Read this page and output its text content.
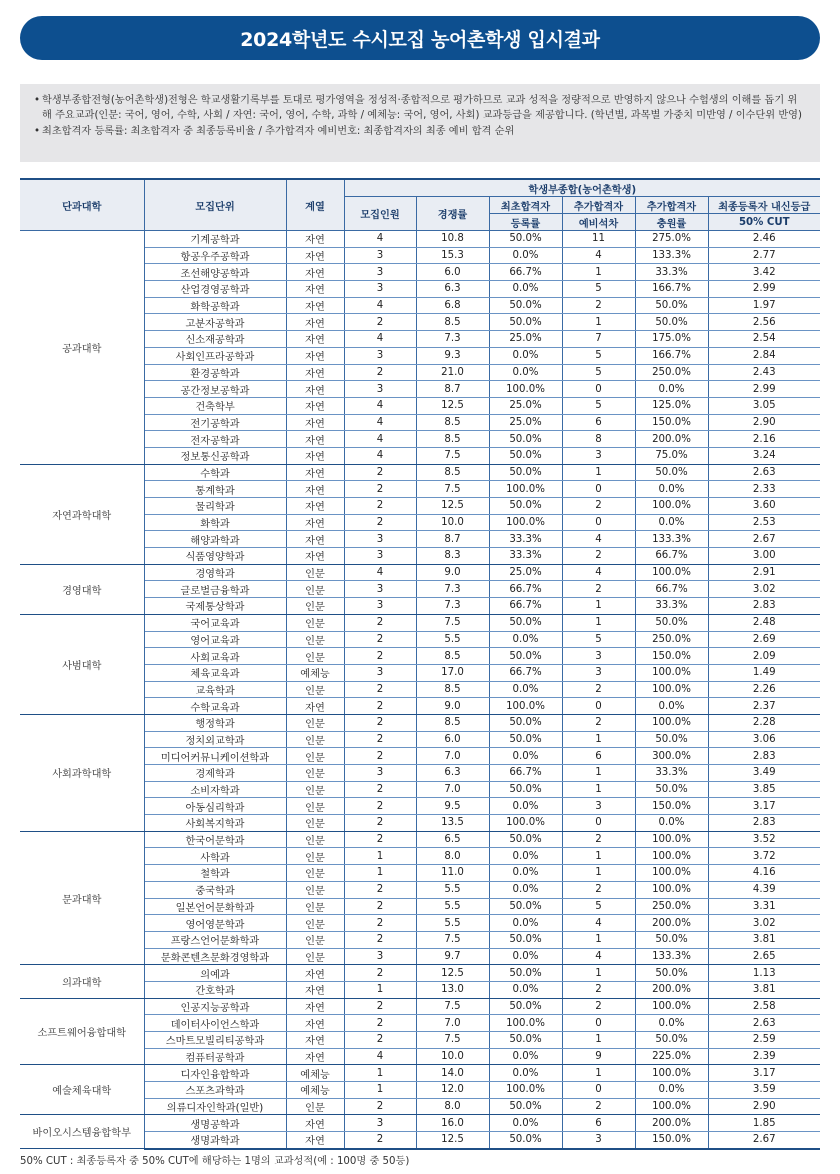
2024학년도 수시모집 농어촌학생 입시결과
• 학생부종합전형(농어촌학생)전형은 학교생활기록부를 토대로 평가영역을 정성적·종합적으로 평가하므로 교과 성적을 정량적으로 반영하지 않으나 수험생의 이해를 돕기 위해 주요교과(인문: 국어, 영어, 수학, 사회 / 자연: 국어, 영어, 수학, 과학 / 예체능: 국어, 영어, 사회) 교과등급을 제공합니다. (학년별, 과목별 가중치 미반영 / 이수단위 반영)
• 최초합격자 등록률: 최초합격자 중 최종등록비율 / 추가합격자 예비번호: 최종합격자의 최종 예비 합격 순위
단과대학	모집단위	계열	학생부종합(농어촌학생)					
			모집인원	경쟁률	최초합격자	추가합격자	추가합격자	최종등록자 내신등급
					등록률	예비석차	충원률	50% CUT
공과대학	기계공학과	자연	4	10.8	50.0%	11	275.0%	2.46
	항공우주공학과	자연	3	15.3	0.0%	4	133.3%	2.77
	조선해양공학과	자연	3	6.0	66.7%	1	33.3%	3.42
	산업경영공학과	자연	3	6.3	0.0%	5	166.7%	2.99
	화학공학과	자연	4	6.8	50.0%	2	50.0%	1.97
	고분자공학과	자연	2	8.5	50.0%	1	50.0%	2.56
	신소재공학과	자연	4	7.3	25.0%	7	175.0%	2.54
	사회인프라공학과	자연	3	9.3	0.0%	5	166.7%	2.84
	환경공학과	자연	2	21.0	0.0%	5	250.0%	2.43
	공간정보공학과	자연	3	8.7	100.0%	0	0.0%	2.99
	건축학부	자연	4	12.5	25.0%	5	125.0%	3.05
	전기공학과	자연	4	8.5	25.0%	6	150.0%	2.90
	전자공학과	자연	4	8.5	50.0%	8	200.0%	2.16
	정보통신공학과	자연	4	7.5	50.0%	3	75.0%	3.24
자연과학대학	수학과	자연	2	8.5	50.0%	1	50.0%	2.63
	통계학과	자연	2	7.5	100.0%	0	0.0%	2.33
	물리학과	자연	2	12.5	50.0%	2	100.0%	3.60
	화학과	자연	2	10.0	100.0%	0	0.0%	2.53
	해양과학과	자연	3	8.7	33.3%	4	133.3%	2.67
	식품영양학과	자연	3	8.3	33.3%	2	66.7%	3.00
경영대학	경영학과	인문	4	9.0	25.0%	4	100.0%	2.91
	글로벌금융학과	인문	3	7.3	66.7%	2	66.7%	3.02
	국제통상학과	인문	3	7.3	66.7%	1	33.3%	2.83
사범대학	국어교육과	인문	2	7.5	50.0%	1	50.0%	2.48
	영어교육과	인문	2	5.5	0.0%	5	250.0%	2.69
	사회교육과	인문	2	8.5	50.0%	3	150.0%	2.09
	체육교육과	예체능	3	17.0	66.7%	3	100.0%	1.49
	교육학과	인문	2	8.5	0.0%	2	100.0%	2.26
	수학교육과	자연	2	9.0	100.0%	0	0.0%	2.37
사회과학대학	행정학과	인문	2	8.5	50.0%	2	100.0%	2.28
	정치외교학과	인문	2	6.0	50.0%	1	50.0%	3.06
	미디어커뮤니케이션학과	인문	2	7.0	0.0%	6	300.0%	2.83
	경제학과	인문	3	6.3	66.7%	1	33.3%	3.49
	소비자학과	인문	2	7.0	50.0%	1	50.0%	3.85
	아동심리학과	인문	2	9.5	0.0%	3	150.0%	3.17
	사회복지학과	인문	2	13.5	100.0%	0	0.0%	2.83
문과대학	한국어문학과	인문	2	6.5	50.0%	2	100.0%	3.52
	사학과	인문	1	8.0	0.0%	1	100.0%	3.72
	철학과	인문	1	11.0	0.0%	1	100.0%	4.16
	중국학과	인문	2	5.5	0.0%	2	100.0%	4.39
	일본언어문화학과	인문	2	5.5	50.0%	5	250.0%	3.31
	영어영문학과	인문	2	5.5	0.0%	4	200.0%	3.02
	프랑스언어문화학과	인문	2	7.5	50.0%	1	50.0%	3.81
	문화콘텐츠문화경영학과	인문	3	9.7	0.0%	4	133.3%	2.65
의과대학	의예과	자연	2	12.5	50.0%	1	50.0%	1.13
	간호학과	자연	1	13.0	0.0%	2	200.0%	3.81
소프트웨어융합대학	인공지능공학과	자연	2	7.5	50.0%	2	100.0%	2.58
	데이터사이언스학과	자연	2	7.0	100.0%	0	0.0%	2.63
	스마트모빌리티공학과	자연	2	7.5	50.0%	1	50.0%	2.59
	컴퓨터공학과	자연	4	10.0	0.0%	9	225.0%	2.39
예술체육대학	디자인융합학과	예체능	1	14.0	0.0%	1	100.0%	3.17
	스포츠과학과	예체능	1	12.0	100.0%	0	0.0%	3.59
	의류디자인학과(일반)	인문	2	8.0	50.0%	2	100.0%	2.90
바이오시스템융합학부	생명공학과	자연	3	16.0	0.0%	6	200.0%	1.85
	생명과학과	자연	2	12.5	50.0%	3	150.0%	2.67
50% CUT : 최종등록자 중 50% CUT에 해당하는 1명의 교과성적(예 : 100명 중 50등)
